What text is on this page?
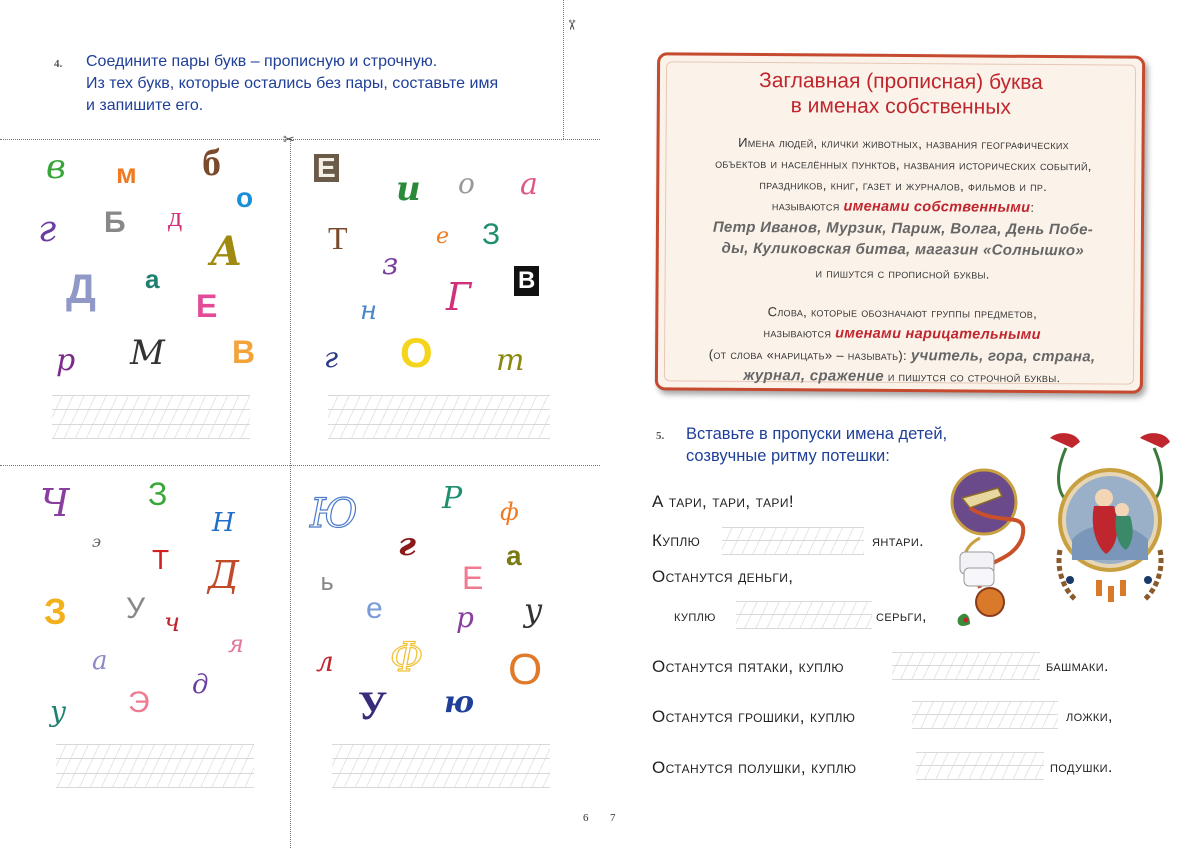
4. Соедините пары букв – прописную и строчную.
Из тех букв, которые остались без пары, составьте имя
и запишите его.
✂
✂
в м б
о
г Б д
А
а
Д	Е
р М В
Е
и о а
Т	е З
з	В
н Г
г О т
Ч З
Н
э
Т Д
З У ч
я
а
д
Э
у
Ю	Р ф
г	а
ь	Е
е	р у
л Ф О
У ю
6
Заглавная (прописная) буква
в именах собственных
Имена людей, клички животных, названия географических
объектов и населённых пунктов, названия исторических событий,
праздников, книг, газет и журналов, фильмов и пр.
называются именами собственными:
Петр Иванов, Мурзик, Париж, Волга, День Побе-
ды, Куликовская битва, магазин «Солнышко»
и пишутся с прописной буквы.
Слова, которые обозначают группы предметов,
называются именами нарицательными
(от слова «нарицать» – называть): учитель, гора, страна,
журнал, сражение и пишутся со строчной буквы.
5. Вставьте в пропуски имена детей,
созвучные ритму потешки:
А тари, тари, тари!
Куплю	янтари.
Останутся деньги,
куплю	серьги,
Останутся пятаки, куплю	башмаки.
Останутся грошики, куплю	ложки,
Останутся полушки, куплю	подушки.
7
